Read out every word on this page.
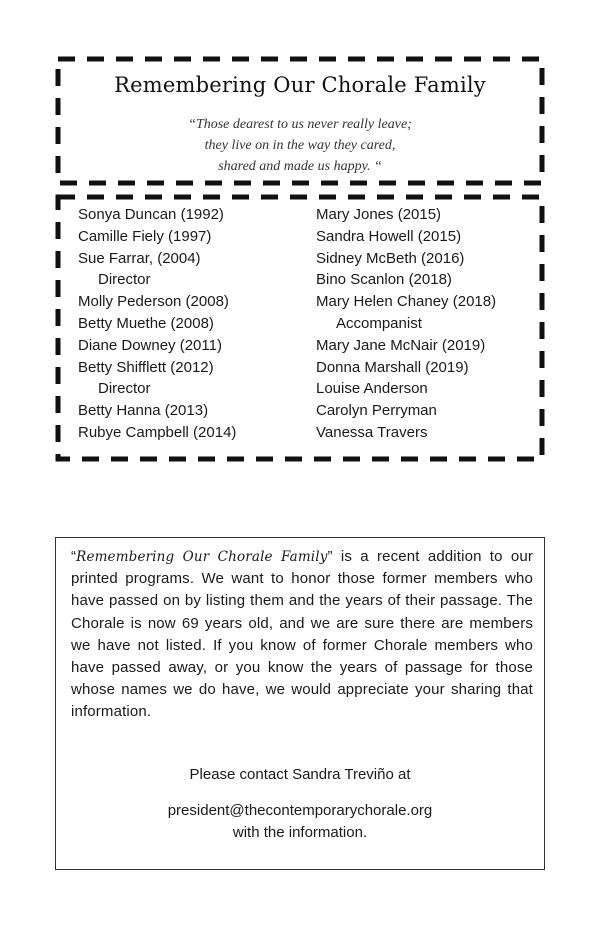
Remembering Our Chorale Family
“Those dearest to us never really leave;
they live on in the way they cared,
shared and made us happy. “
Sonya Duncan (1992)
Camille Fiely (1997)
Sue Farrar, (2004)
Director
Molly Pederson (2008)
Betty Muethe (2008)
Diane Downey (2011)
Betty Shifflett (2012)
Director
Betty Hanna (2013)
Rubye Campbell (2014)
Mary Jones (2015)
Sandra Howell (2015)
Sidney McBeth (2016)
Bino Scanlon (2018)
Mary Helen Chaney (2018)
Accompanist
Mary Jane McNair (2019)
Donna Marshall (2019)
Louise Anderson
Carolyn Perryman
Vanessa Travers
“Remembering Our Chorale Family” is a recent addition to our printed programs. We want to honor those former members who have passed on by listing them and the years of their passage. The Chorale is now 69 years old, and we are sure there are members we have not listed. If you know of former Chorale members who have passed away, or you know the years of passage for those whose names we do have, we would appreciate your sharing that information.
Please contact Sandra Treviño at
president@thecontemporarychorale.org
with the information.
